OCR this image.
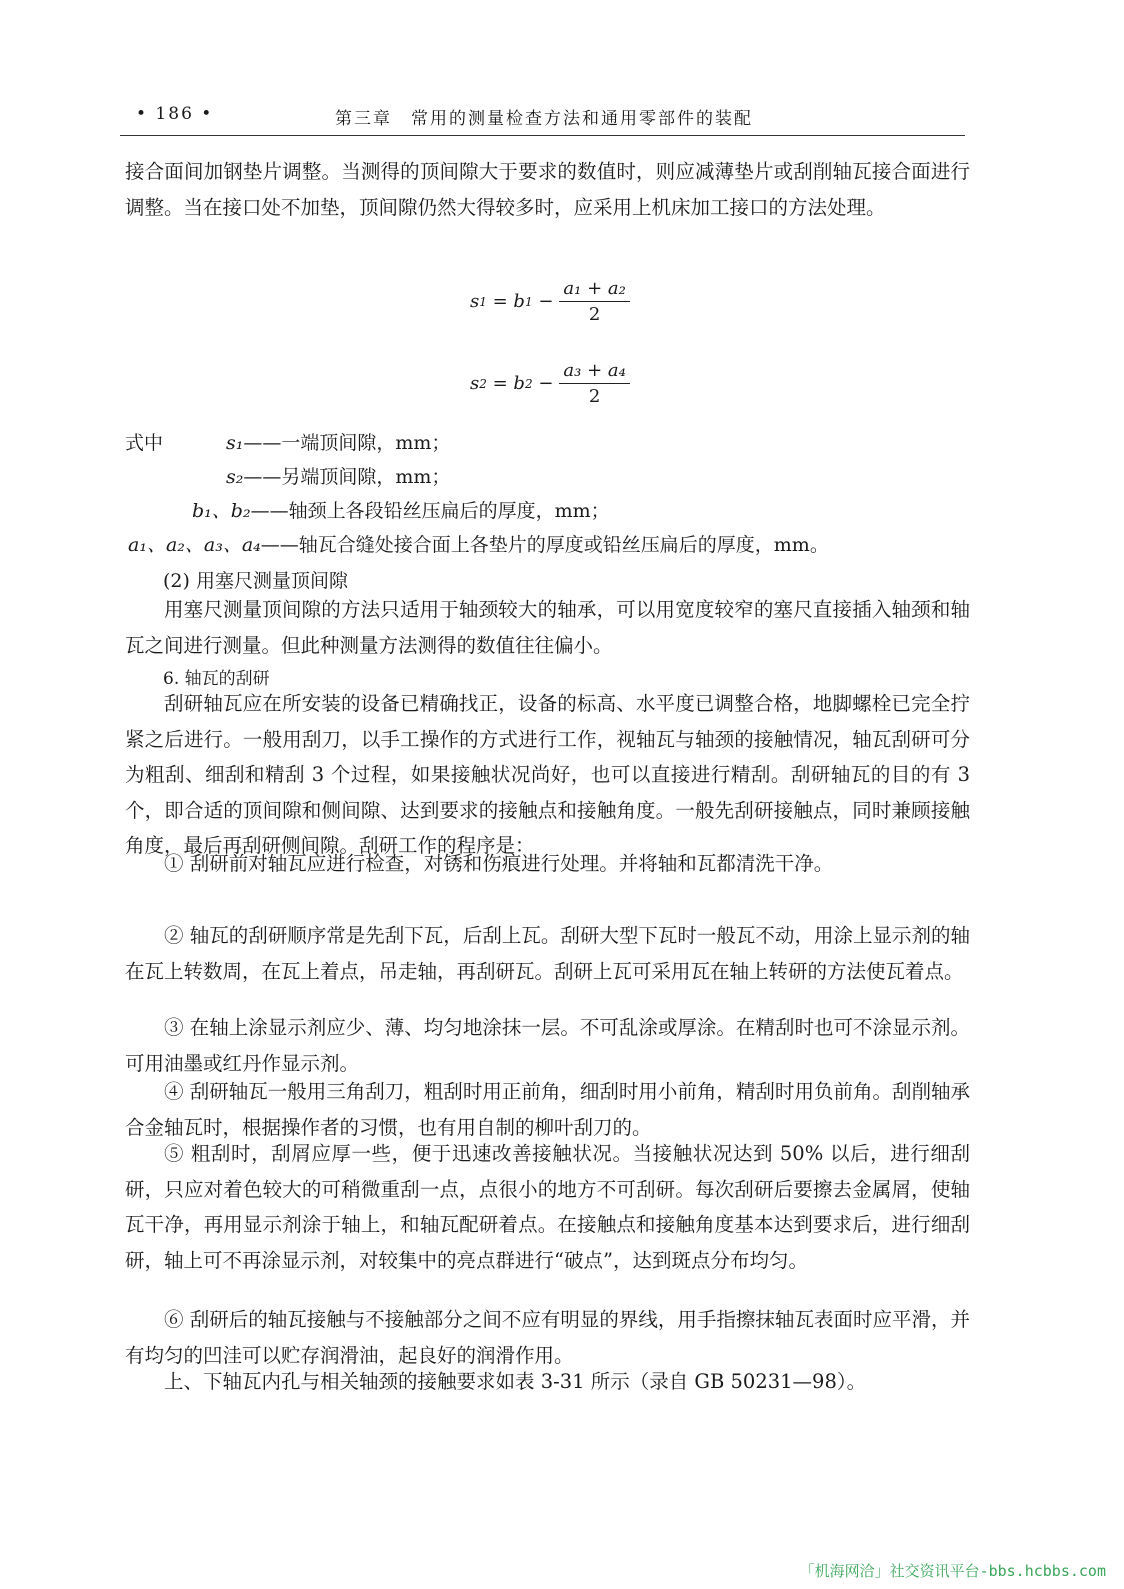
• 186 •	第三章　常用的测量检查方法和通用零部件的装配

接合面间加钢垫片调整。当测得的顶间隙大于要求的数值时，则应减薄垫片或刮削轴瓦接合面进行调整。当在接口处不加垫，顶间隙仍然大得较多时，应采用上机床加工接口的方法处理。

s 1 = b $1 - \frac{\text{a₁ + a₂}}{2}$
s 2 = b $2 - \frac{\text{a₃ + a₄}}{2}$

式中	s₁——一端顶间隙，mm；

s₂——另端顶间隙，mm；

b₁、b₂——轴颈上各段铅丝压扁后的厚度，mm；

a₁、a₂、a₃、a₄——轴瓦合缝处接合面上各垫片的厚度或铅丝压扁后的厚度，mm。

(2) 用塞尺测量顶间隙

用塞尺测量顶间隙的方法只适用于轴颈较大的轴承，可以用宽度较窄的塞尺直接插入轴颈和轴瓦之间进行测量。但此种测量方法测得的数值往往偏小。

6. 轴瓦的刮研

刮研轴瓦应在所安装的设备已精确找正，设备的标高、水平度已调整合格，地脚螺栓已完全拧紧之后进行。一般用刮刀，以手工操作的方式进行工作，视轴瓦与轴颈的接触情况，轴瓦刮研可分为粗刮、细刮和精刮 3 个过程，如果接触状况尚好，也可以直接进行精刮。刮研轴瓦的目的有 3 个，即合适的顶间隙和侧间隙、达到要求的接触点和接触角度。一般先刮研接触点，同时兼顾接触角度，最后再刮研侧间隙。刮研工作的程序是：

① 刮研前对轴瓦应进行检查，对锈和伤痕进行处理。并将轴和瓦都清洗干净。

② 轴瓦的刮研顺序常是先刮下瓦，后刮上瓦。刮研大型下瓦时一般瓦不动，用涂上显示剂的轴在瓦上转数周，在瓦上着点，吊走轴，再刮研瓦。刮研上瓦可采用瓦在轴上转研的方法使瓦着点。

③ 在轴上涂显示剂应少、薄、均匀地涂抹一层。不可乱涂或厚涂。在精刮时也可不涂显示剂。可用油墨或红丹作显示剂。

④ 刮研轴瓦一般用三角刮刀，粗刮时用正前角，细刮时用小前角，精刮时用负前角。刮削轴承合金轴瓦时，根据操作者的习惯，也有用自制的柳叶刮刀的。

⑤ 粗刮时，刮屑应厚一些，便于迅速改善接触状况。当接触状况达到 50% 以后，进行细刮研，只应对着色较大的可稍微重刮一点，点很小的地方不可刮研。每次刮研后要擦去金属屑，使轴瓦干净，再用显示剂涂于轴上，和轴瓦配研着点。在接触点和接触角度基本达到要求后，进行细刮研，轴上可不再涂显示剂，对较集中的亮点群进行“破点”，达到斑点分布均匀。

⑥ 刮研后的轴瓦接触与不接触部分之间不应有明显的界线，用手指擦抹轴瓦表面时应平滑，并有均匀的凹洼可以贮存润滑油，起良好的润滑作用。

上、下轴瓦内孔与相关轴颈的接触要求如表 3-31 所示（录自 GB 50231—98）。

「机海网洽」社交资讯平台-bbs.hcbbs.com
